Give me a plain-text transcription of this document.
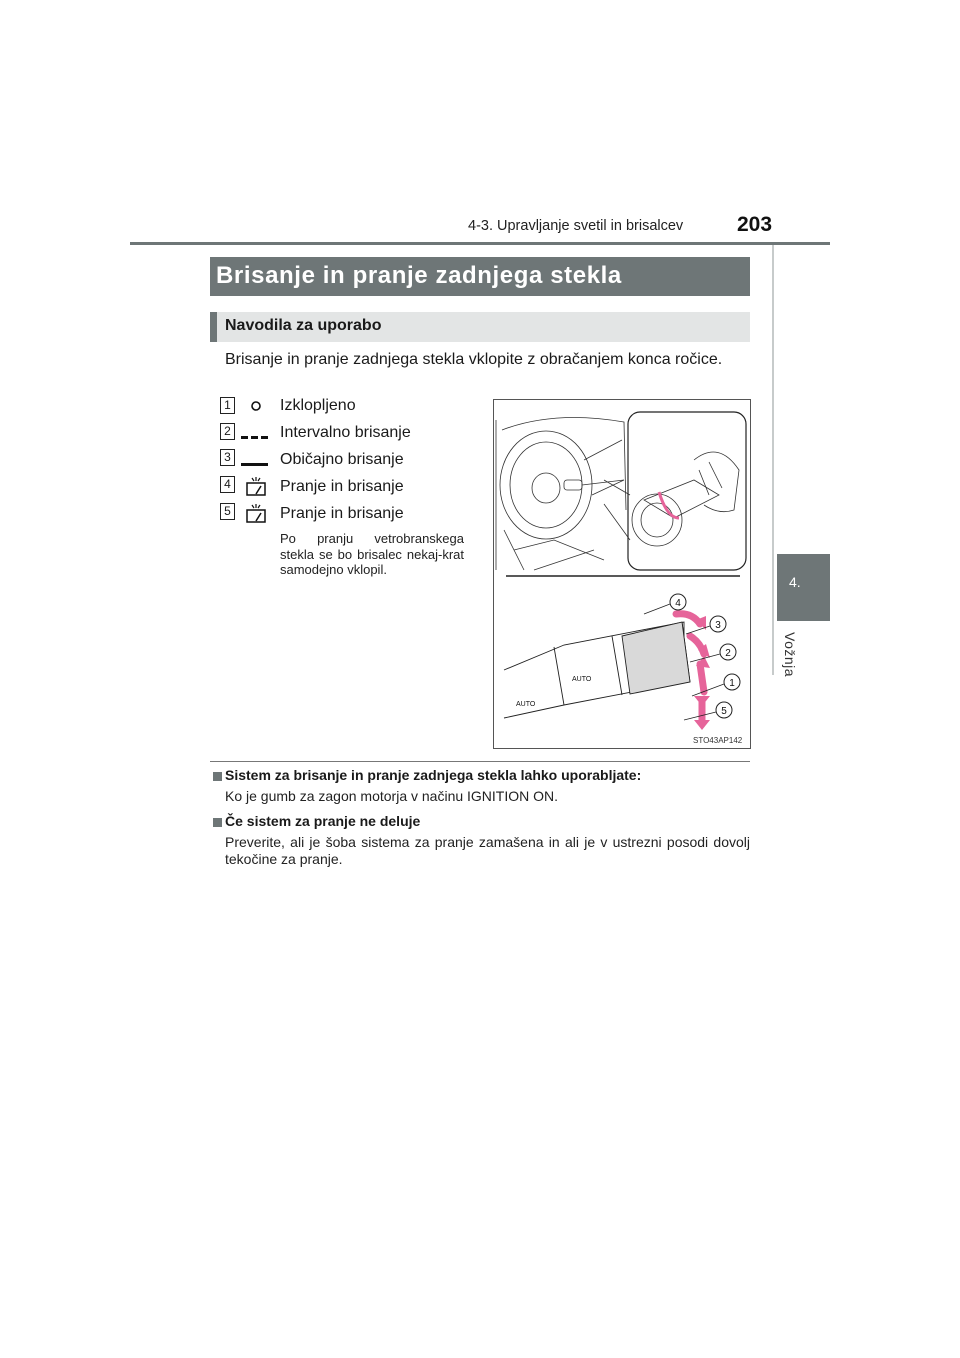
4-3. Upravljanje svetil in brisalcev	203
4.
Vožnja
Brisanje in pranje zadnjega stekla
Navodila za uporabo
Brisanje in pranje zadnjega stekla vklopite z obračanjem konca ročice.
1	Izklopljeno
2	Intervalno brisanje
3	Običajno brisanje
4	Pranje in brisanje
5	Pranje in brisanje
Po pranju vetrobranskega stekla se bo brisalec nekaj-krat samodejno vklopil.
AUTO
AUTO
4
3
2
1
5
STO43AP142
Sistem za brisanje in pranje zadnjega stekla lahko uporabljate:
Ko je gumb za zagon motorja v načinu IGNITION ON.
Če sistem za pranje ne deluje
Preverite, ali je šoba sistema za pranje zamašena in ali je v ustrezni posodi dovolj tekočine za pranje.
